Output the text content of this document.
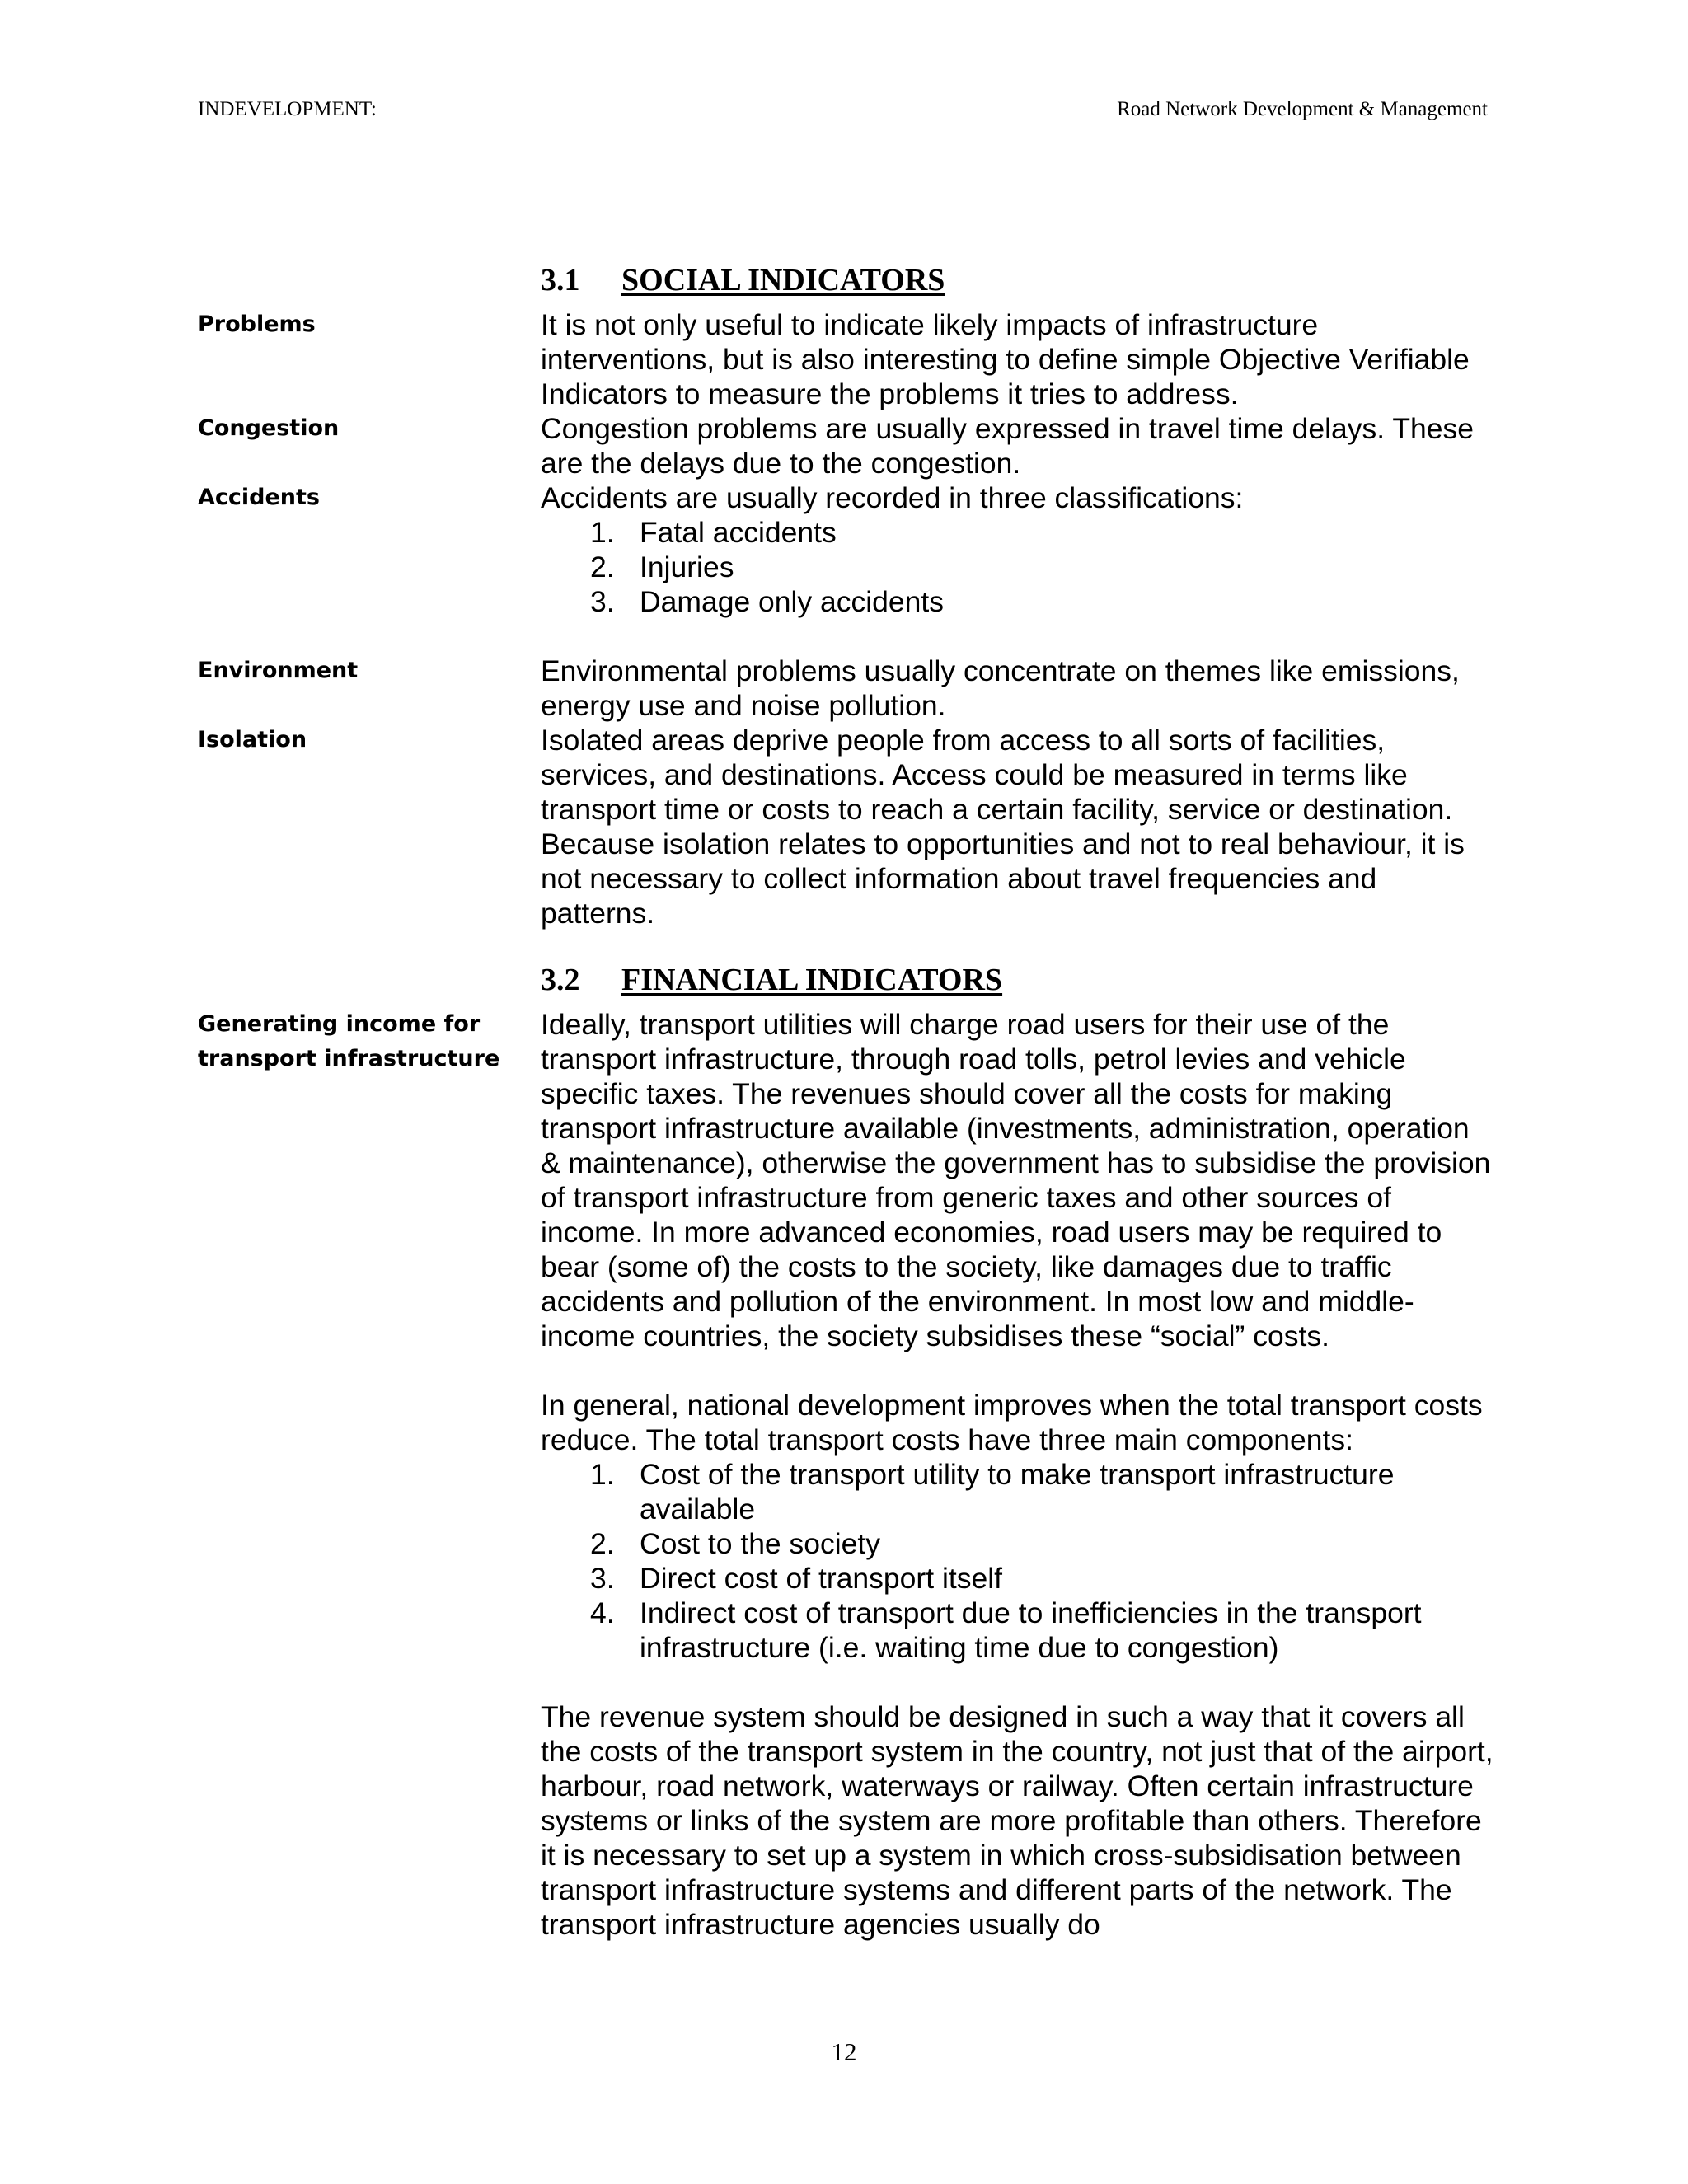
INDEVELOPMENT:	Road Network Development & Management
3.1 SOCIAL INDICATORS
Problems
Congestion
Accidents
Environment
Isolation

It is not only useful to indicate likely impacts of infrastructure interventions, but is also interesting to define simple Objective Verifiable Indicators to measure the problems it tries to address.

Congestion problems are usually expressed in travel time delays. These are the delays due to the congestion.

Accidents are usually recorded in three classifications:

1. Fatal accidents
2. Injuries
3. Damage only accidents

Environmental problems usually concentrate on themes like emissions, energy use and noise pollution.

Isolated areas deprive people from access to all sorts of facilities, services, and destinations. Access could be measured in terms like transport time or costs to reach a certain facility, service or destination. Because isolation relates to opportunities and not to real behaviour, it is not necessary to collect information about travel frequencies and patterns.

3.2 FINANCIAL INDICATORS
Generating income for
transport infrastructure

Ideally, transport utilities will charge road users for their use of the transport infrastructure, through road tolls, petrol levies and vehicle specific taxes. The revenues should cover all the costs for making transport infrastructure available (investments, administration, operation & maintenance), otherwise the government has to subsidise the provision of transport infrastructure from generic taxes and other sources of income. In more advanced economies, road users may be required to bear (some of) the costs to the society, like damages due to traffic accidents and pollution of the environment. In most low and middle-income countries, the society subsidises these “social” costs.

In general, national development improves when the total transport costs reduce. The total transport costs have three main components:

1. Cost of the transport utility to make transport infrastructure available
2. Cost to the society
3. Direct cost of transport itself
4. Indirect cost of transport due to inefficiencies in the transport infrastructure (i.e. waiting time due to congestion)

The revenue system should be designed in such a way that it covers all the costs of the transport system in the country, not just that of the airport, harbour, road network, waterways or railway. Often certain infrastructure systems or links of the system are more profitable than others. Therefore it is necessary to set up a system in which cross-subsidisation between transport infrastructure systems and different parts of the network. The transport infrastructure agencies usually do

12
